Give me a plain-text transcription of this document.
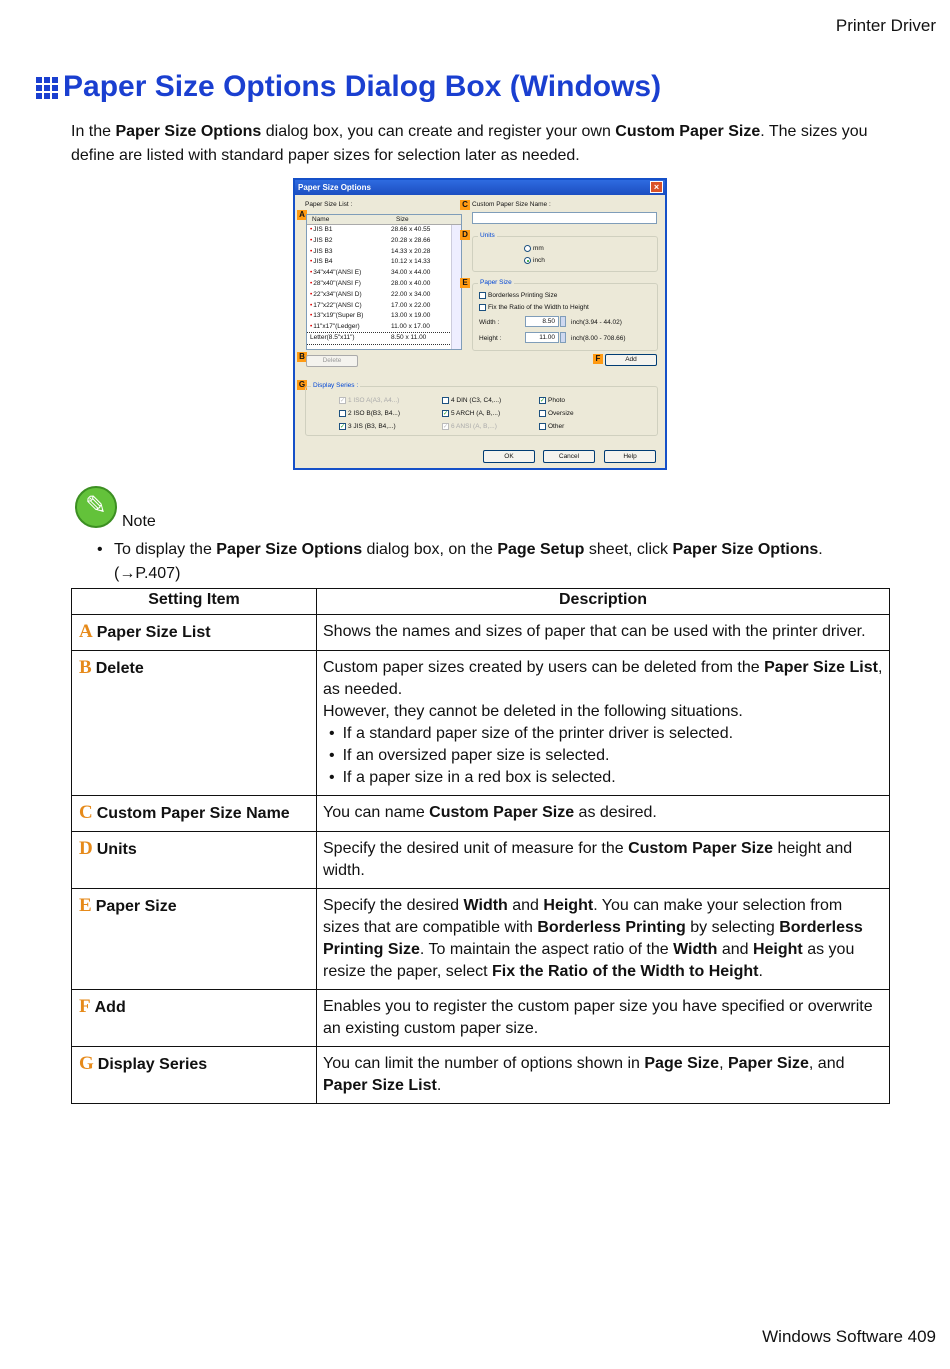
Printer Driver
Paper Size Options Dialog Box (Windows)
In the Paper Size Options dialog box, you can create and register your own Custom Paper Size. The sizes you define are listed with standard paper sizes for selection later as needed.
Paper Size Options	×
Paper Size List :
A
Name	Size
•JIS B1	28.66 x 40.55
•JIS B2	20.28 x 28.66
•JIS B3	14.33 x 20.28
•JIS B4	10.12 x 14.33
•34"x44"(ANSI E)	34.00 x 44.00
•28"x40"(ANSI F)	28.00 x 40.00
•22"x34"(ANSI D)	22.00 x 34.00
•17"x22"(ANSI C)	17.00 x 22.00
•13"x19"(Super B)	13.00 x 19.00
•11"x17"(Ledger)	11.00 x 17.00
Letter(8.5"x11")	8.50 x 11.00
B	Delete
C Custom Paper Size Name :
D	Units
mm
inch
E	Paper Size
Borderless Printing Size
Fix the Ratio of the Width to Height
Width :	8.50	inch(3.94 - 44.02)
Height :	11.00	inch(8.00 - 708.66)
F	Add
G	Display Series :
✓ 1 ISO A(A3, A4...)	4 DIN (C3, C4,...)	✓ Photo
2 ISO B(B3, B4...)	✓ 5 ARCH (A, B,...)	Oversize
✓ 3 JIS (B3, B4,...)	✓ 6 ANSI (A, B,...)	Other
OK	Cancel	Help
✎
Note
• To display the Paper Size Options dialog box, on the Page Setup sheet, click Paper Size Options.
(→P.407)
Setting Item	Description
A Paper Size List	Shows the names and sizes of paper that can be used with the printer driver.
B Delete	Custom paper sizes created by users can be deleted from the Paper Size List, as needed.
However, they cannot be deleted in the following situations.
• If a standard paper size of the printer driver is selected.
• If an oversized paper size is selected.
• If a paper size in a red box is selected.

C Custom Paper Size Name	You can name Custom Paper Size as desired.
D Units	Specify the desired unit of measure for the Custom Paper Size height and width.
E Paper Size	Specify the desired Width and Height. You can make your selection from sizes that are compatible with Borderless Printing by selecting Borderless Printing Size. To maintain the aspect ratio of the Width and Height as you resize the paper, select Fix the Ratio of the Width to Height.
F Add	Enables you to register the custom paper size you have specified or overwrite an existing custom paper size.
G Display Series	You can limit the number of options shown in Page Size, Paper Size, and Paper Size List.
Windows Software 409
